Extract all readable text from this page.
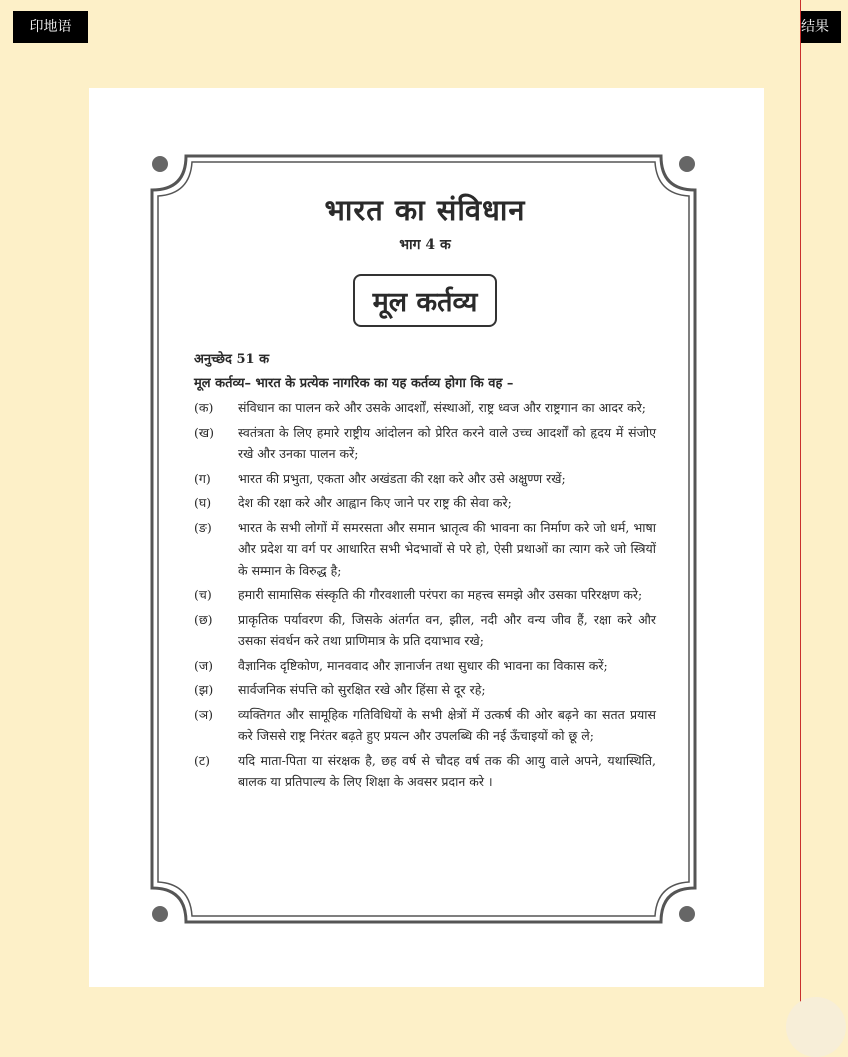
印地语	结果
भारत का संविधान
भाग 4 क
मूल कर्तव्य
अनुच्छेद 51 क
मूल कर्तव्य– भारत के प्रत्येक नागरिक का यह कर्तव्य होगा कि वह –
(क)	संविधान का पालन करे और उसके आदर्शों, संस्थाओं, राष्ट्र ध्वज और राष्ट्रगान का आदर करे;
(ख)	स्वतंत्रता के लिए हमारे राष्ट्रीय आंदोलन को प्रेरित करने वाले उच्च आदर्शों को हृदय में संजोए रखे और उनका पालन करें;
(ग)	भारत की प्रभुता, एकता और अखंडता की रक्षा करे और उसे अक्षुण्ण रखें;
(घ)	देश की रक्षा करे और आह्वान किए जाने पर राष्ट्र की सेवा करे;
(ङ)	भारत के सभी लोगों में समरसता और समान भ्रातृत्व की भावना का निर्माण करे जो धर्म, भाषा और प्रदेश या वर्ग पर आधारित सभी भेदभावों से परे हो, ऐसी प्रथाओं का त्याग करे जो स्त्रियों के सम्मान के विरुद्ध है;
(च)	हमारी सामासिक संस्कृति की गौरवशाली परंपरा का महत्त्व समझे और उसका परिरक्षण करे;
(छ)	प्राकृतिक पर्यावरण की, जिसके अंतर्गत वन, झील, नदी और वन्य जीव हैं, रक्षा करे और उसका संवर्धन करे तथा प्राणिमात्र के प्रति दयाभाव रखे;
(ज)	वैज्ञानिक दृष्टिकोण, मानववाद और ज्ञानार्जन तथा सुधार की भावना का विकास करें;
(झ)	सार्वजनिक संपत्ति को सुरक्षित रखे और हिंसा से दूर रहे;
(ञ)	व्यक्तिगत और सामूहिक गतिविधियों के सभी क्षेत्रों में उत्कर्ष की ओर बढ़ने का सतत प्रयास करे जिससे राष्ट्र निरंतर बढ़ते हुए प्रयत्न और उपलब्धि की नई ऊँचाइयों को छू ले;
(ट)	यदि माता-पिता या संरक्षक है, छह वर्ष से चौदह वर्ष तक की आयु वाले अपने, यथास्थिति, बालक या प्रतिपाल्य के लिए शिक्षा के अवसर प्रदान करे ।
